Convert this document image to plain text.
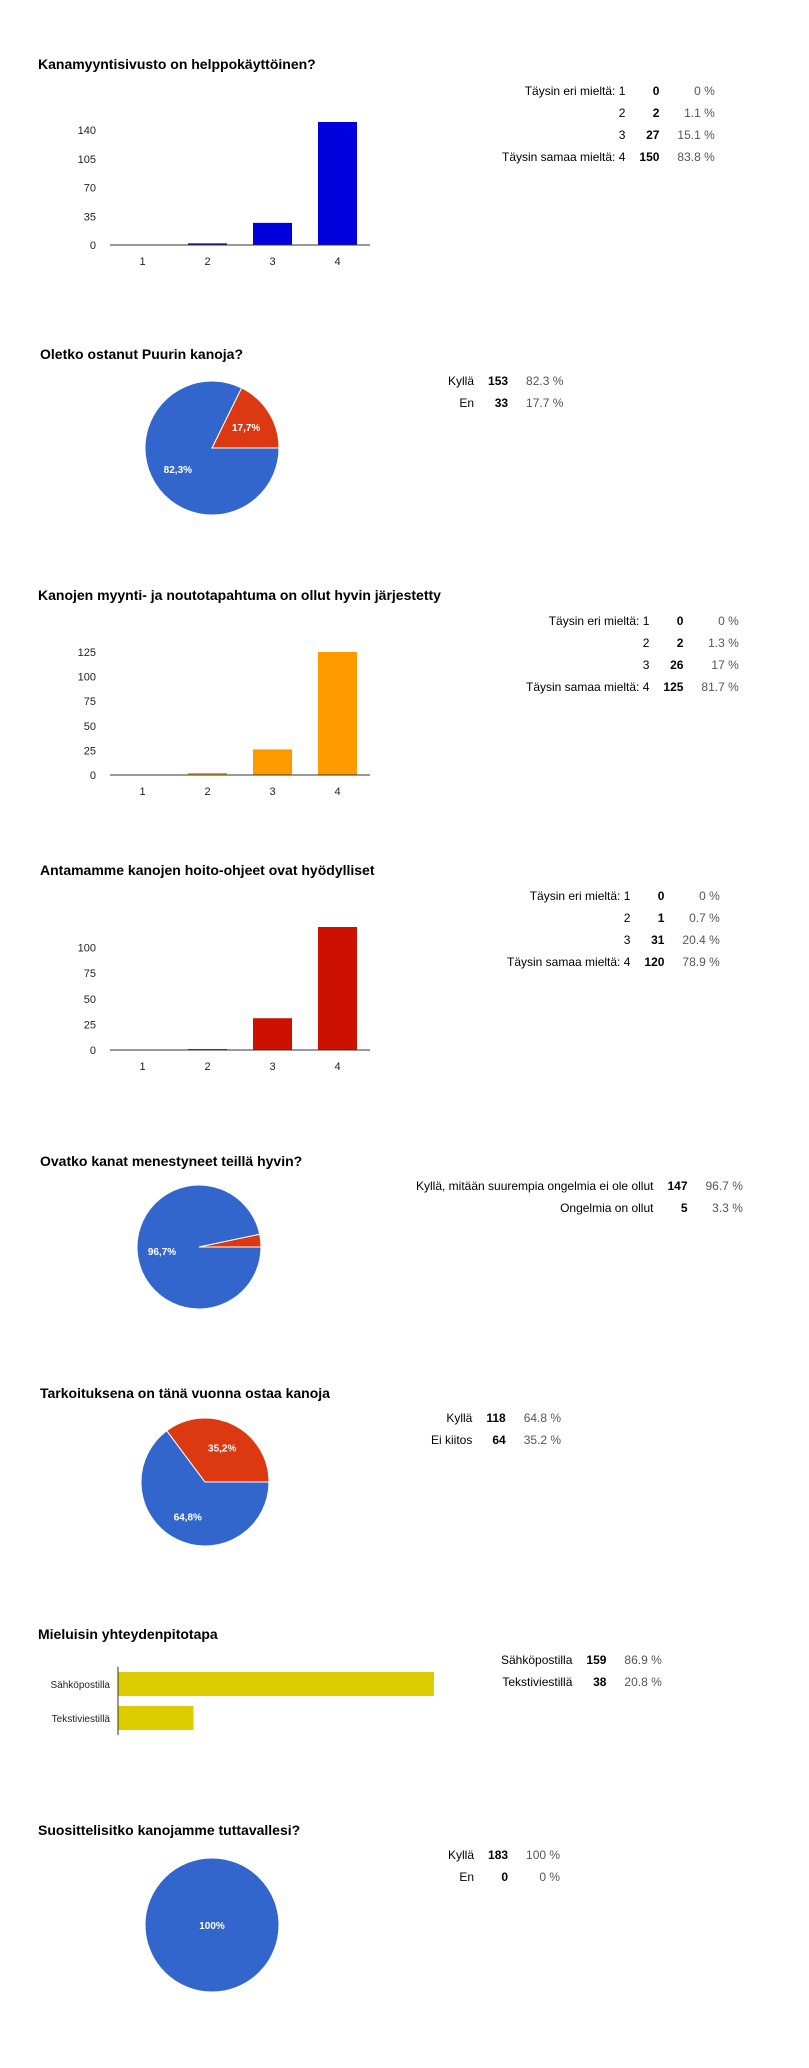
Kanamyyntisivusto on helppokäyttöinen?
Täysin eri mieltä: 1	0	0 %
2	2	1.1 %
3	27	15.1 %
Täysin samaa mieltä: 4	150	83.8 %
0
35
70
105
140
1	2	3	4
Oletko ostanut Puurin kanoja?
Kyllä	153	82.3 %
En	33	17.7 %
82,3%
17,7%
Kanojen myynti- ja noutotapahtuma on ollut hyvin järjestetty
Täysin eri mieltä: 1	0	0 %
2	2	1.3 %
3	26	17 %
Täysin samaa mieltä: 4	125	81.7 %
0
25
50
75
100
125
1	2	3	4
Antamamme kanojen hoito-ohjeet ovat hyödylliset
Täysin eri mieltä: 1	0	0 %
2	1	0.7 %
3	31	20.4 %
Täysin samaa mieltä: 4	120	78.9 %
0
25
50
75
100
1	2	3	4
Ovatko kanat menestyneet teillä hyvin?
Kyllä, mitään suurempia ongelmia ei ole ollut	147	96.7 %
Ongelmia on ollut	5	3.3 %
96,7%
Tarkoituksena on tänä vuonna ostaa kanoja
Kyllä	118	64.8 %
Ei kiitos	64	35.2 %
64,8%
35,2%
Mieluisin yhteydenpitotapa
Sähköpostilla	159	86.9 %
Tekstiviestillä	38	20.8 %
Sähköpostilla
Tekstiviestillä
Suosittelisitko kanojamme tuttavallesi?
Kyllä	183	100 %
En	0	0 %
100%
